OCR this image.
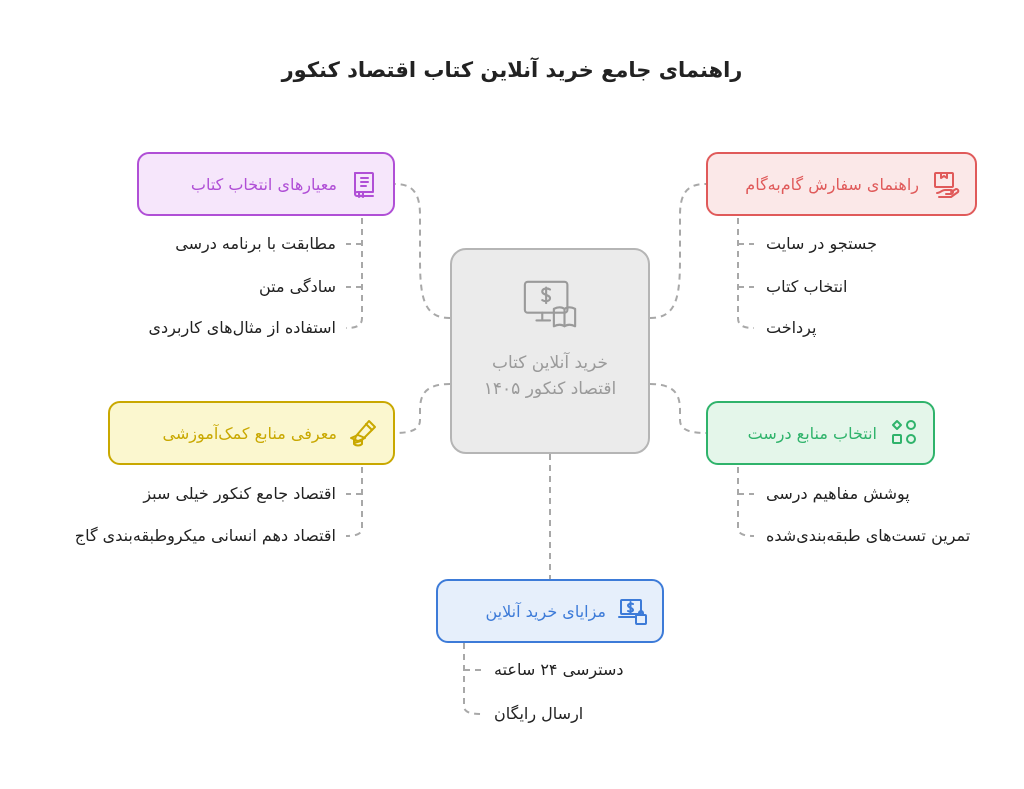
راهنمای جامع خرید آنلاین کتاب اقتصاد کنکور
خرید آنلاین کتاب اقتصاد کنکور ۱۴۰۵
معیارهای انتخاب کتاب	راهنمای سفارش گام‌به‌گام
معرفی منابع کمک‌آموزشی	انتخاب منابع درست
مزایای خرید آنلاین
مطابقت با برنامه درسی
سادگی متن
استفاده از مثال‌های کاربردی
جستجو در سایت
انتخاب کتاب
پرداخت
اقتصاد جامع کنکور خیلی سبز
اقتصاد دهم انسانی میکروطبقه‌بندی گاج
پوشش مفاهیم درسی
تمرین تست‌های طبقه‌بندی‌شده
دسترسی ۲۴ ساعته
ارسال رایگان
